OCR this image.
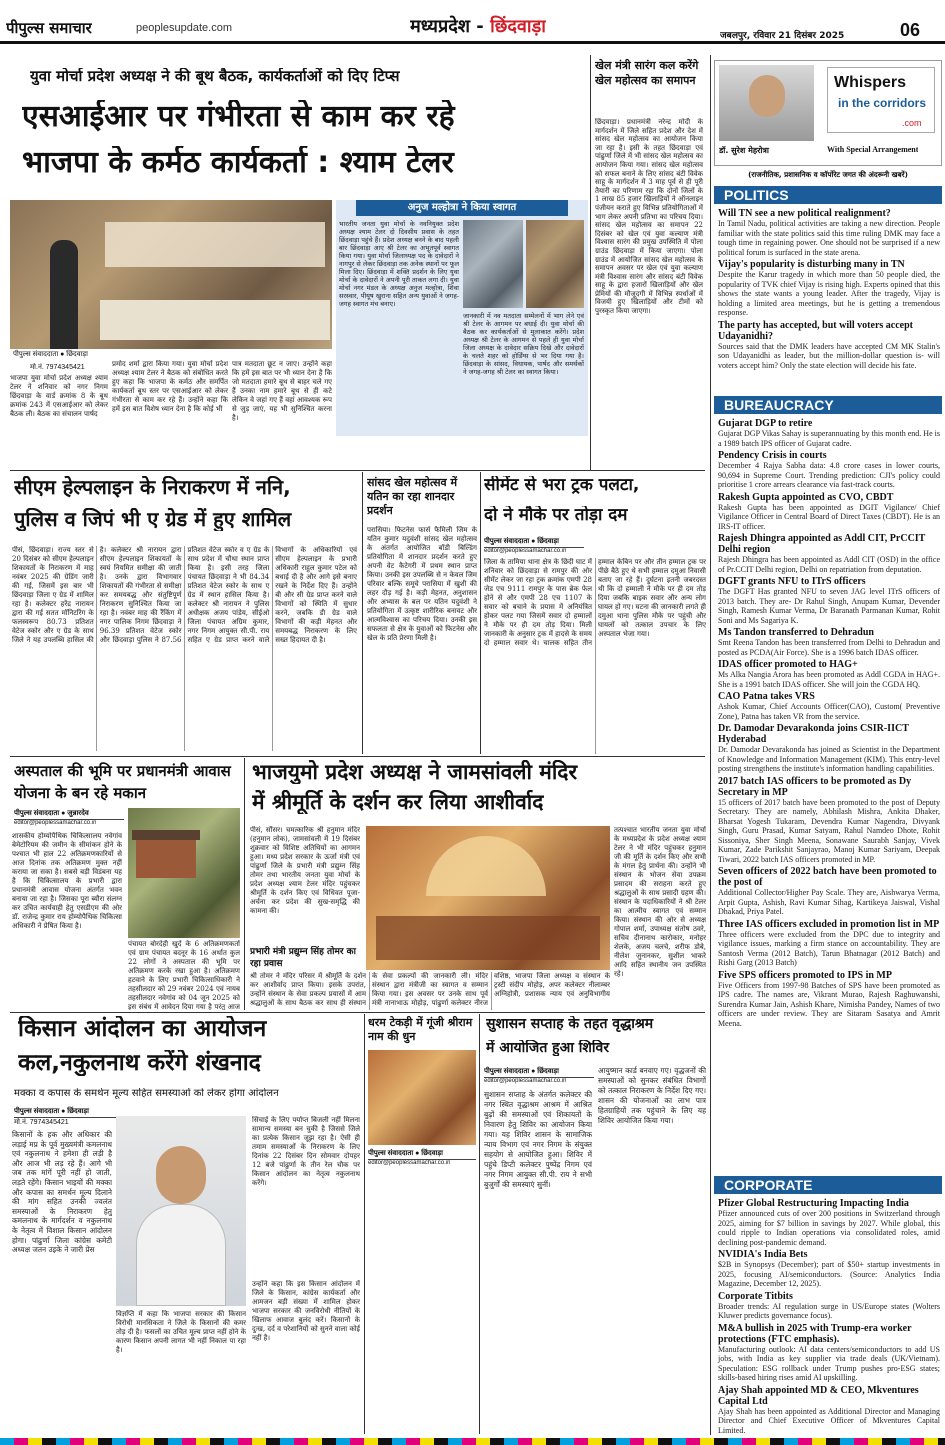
पीपुल्स समाचार	peoplesupdate.com	मध्यप्रदेश - छिंदवाड़ा	जबलपुर, रविवार 21 दिसंबर 2025	06
युवा मोर्चा प्रदेश अध्यक्ष ने की बूथ बैठक, कार्यकर्ताओं को दिए टिप्स
एसआईआर पर गंभीरता से काम कर रहे
भाजपा के कर्मठ कार्यकर्ता : श्याम टेलर
पीपुल्स संवाददाता ● छिंदवाड़ा
मो.नं. 7974345421
भाजपा युवा मोर्चा प्रदेश अध्यक्ष श्याम टेलर ने शनिवार को नगर निगम छिंदवाड़ा के वार्ड क्रमांक 8 के बूथ क्रमांक 243 में एसआईआर को लेकर बैठक ली। बैठक का संचालन पार्षद
प्रमोद शर्मा द्वारा किया गया। युवा मोर्चा प्रदेश अध्यक्ष श्याम टेलर ने बैठक को संबोधित करते हुए कहा कि भाजपा के कर्मठ और समर्पित कार्यकर्ता बूथ स्तर पर एसआईआर को लेकर गंभीरता से काम कर रहे हैं। उन्होंने कहा कि हमें इस बात विशेष ध्यान देना है कि कोई भी
पात्र मतदाता छूट न जाए। उन्होंने कहा कि हमें इस बात पर भी ध्यान देना है कि जो मतदाता हमारे बूथ से बाहर चले गए हैं उनका नाम हमारे बूथ से ही कटे लेकिन वे जहां गए हैं वहां आवश्यक रूप से जुड़ जाएं, यह भी सुनिश्चित करना है।
अनुज मल्होत्रा ने किया स्वागत
भारतीय जनता युवा मोर्चा के नवनियुक्त प्रदेश अध्यक्ष श्याम टेलर दो दिवसीय प्रवास के तहत छिंदवाड़ा पहुंचे हैं। प्रदेश अध्यक्ष बनने के बाद पहली बार छिंदवाड़ा आए श्री टेलर का अभूतपूर्व स्वागत किया गया। युवा मोर्चा जिलाध्यक्ष पद के दावेदारों ने नागपुर से लेकर छिंदवाड़ा तक अनेक स्थानों पर फूल मिला दिए। छिंदवाड़ा में शक्ति प्रदर्शन के लिए युवा मोर्चा के दावेदारों ने अपनी पूरी ताकत लगा दी। युवा मोर्चा नगर मंडल के अध्यक्ष अनुज मल्होत्रा, शिवा सरस्वार, पीयूष खुराना सहित अन्य युवाओं ने जगह-जगह स्वागत मंच बनाए।
जानकारी में नव मतदाता सम्मेलनों में भाग लेने एवं श्री टेलर के आगमन पर बधाई दी। युवा मोर्चा की बैठक कर कार्यकर्ताओं से मुलाकात करेंगे। प्रदेश अध्यक्ष श्री टेलर के आगमन से पहले ही युवा मोर्चा जिला अध्यक्ष के दावेदार सक्रिय दिखे और दावेदारों के चलते शहर को होर्डिंग्स से भर दिया गया है। छिंदवाड़ा के सांसद, विधायक, पार्षद और समर्थकों ने जगह-जगह श्री टेलर का स्वागत किया।
खेल मंत्री सारंग कल करेंगे खेल महोत्सव का समापन
छिंदवाड़ा। प्रधानमंत्री नरेन्द्र मोदी के मार्गदर्शन में जिले सहित प्रदेश और देश में सांसद खेल महोत्सव का आयोजन किया जा रहा है। इसी के तहत छिंदवाड़ा एवं पांढुर्णा जिले में भी सांसद खेल महोत्सव का आयोजन किया गया। सांसद खेल महोत्सव को सफल बनाने के लिए सांसद बंटी विवेक साहू के मार्गदर्शन में 3 माह पूर्व से ही पूरी तैयारी का परिणाम रहा कि दोनों जिलों के 1 लाख 85 हजार खिलाड़ियों ने ऑनलाइन पंजीयन कराते हुए विभिन्न प्रतियोगिताओं में भाग लेकर अपनी प्रतिभा का परिचय दिया। सांसद खेल महोत्सव का समापन 22 दिसंबर को खेल एवं युवा कल्याण मंत्री विश्वास सारंग की प्रमुख उपस्थिति में पोला ग्राउंड छिंदवाड़ा में किया जाएगा। पोला ग्राउंड में आयोजित सांसद खेल महोत्सव के समापन अवसर पर खेल एवं युवा कल्याण मंत्री विश्वास सारंग और सांसद बंटी विवेक साहू के द्वारा हजारों खिलाड़ियों और खेल प्रेमियों की मौजूदगी में विभिन्न स्पर्धाओं में विजयी हुए खिलाड़ियों और टीमों को पुरस्कृत किया जाएगा।
सीएम हेल्पलाइन के निराकरण में ननि,
पुलिस व जिपं भी ए ग्रेड में हुए शामिल
पीसं, छिंदवाड़ा। राज्य स्तर से 20 दिसंबर को सीएम हेल्पलाइन शिकायतों के निराकरण में माह नवंबर 2025 की ग्रेडिंग जारी की गई, जिसमें इस बार भी छिंदवाड़ा जिला ए ग्रेड में शामिल रहा है। कलेक्टर हरेंद्र नारायन द्वारा की गई सतत मॉनिटरिंग के फलस्वरूप 80.73 प्रतिशत वेटेज स्कोर और ए ग्रेड के साथ जिले ने यह उपलब्धि हासिल की है। कलेक्टर श्री नारायन द्वारा सीएम हेल्पलाइन शिकायतों के स्वयं नियमित समीक्षा की जाती है। उनके द्वारा विभागवार शिकायतों की गंभीरता से समीक्षा कर समयबद्ध और संतुष्टिपूर्ण निराकरण सुनिश्चित किया जा रहा है। नवंबर माह की रैंकिंग में नगर पालिक निगम छिंदवाड़ा ने 96.39 प्रतिशत वेटेज स्कोर और छिंदवाड़ा पुलिस ने 87.56 प्रतिशत वेटेज स्कोर व ए ग्रेड के साथ प्रदेश में चौथा स्थान प्राप्त किया है। इसी तरह जिला पंचायत छिंदवाड़ा ने भी 84.34 प्रतिशत वेटेज स्कोर के साथ ए ग्रेड में स्थान हासिल किया है। कलेक्टर श्री नारायन ने पुलिस अधीक्षक अजय पांडेय, सीईओ जिला पंचायत अग्रिम कुमार, नगर निगम आयुक्त सी.पी. राय सहित ए ग्रेड प्राप्त करने वाले विभागों के अधिकारियों एवं सीएम हेल्पलाइन के प्रभारी अधिकारी राहुल कुमार पटेल को बधाई दी है और आगे इसे बनाए रखने के निर्देश दिए हैं। उन्होंने बी और सी ग्रेड प्राप्त करने वाले विभागों को स्थिति में सुधार करने, जबकि डी ग्रेड वाले विभागों की कड़ी मेहनत और समयबद्ध निराकरण के लिए सख्त हिदायत दी है।
सांसद खेल महोत्सव में यतिन का रहा शानदार प्रदर्शन
परासिया। फिटनेस फार्स फैमिली जिम के यतिन कुमार यदुवंशी सांसद खेल महोत्सव के अंतर्गत आयोजित बॉडी बिल्डिंग प्रतियोगिता में शानदार प्रदर्शन करते हुए अपनी वेट कैटेगरी में प्रथम स्थान प्राप्त किया। उनकी इस उपलब्धि से न केवल जिम परिवार बल्कि समूचे परासिया में खुशी की लहर दौड़ गई है। कड़ी मेहनत, अनुशासन और अभ्यास के बल पर यतिन यदुवंशी ने प्रतियोगिता में उत्कृष्ट शारीरिक बनावट और आत्मविश्वास का परिचय दिया। उनकी इस सफलता से क्षेत्र के युवाओं को फिटनेस और खेल के प्रति प्रेरणा मिली है।
सीमेंट से भरा ट्रक पलटा,
दो ने मौके पर तोड़ा दम
पीपुल्स संवाददाता ● छिंदवाड़ा
editor@peoplessamachar.co.in
जिला के तामिया थाना क्षेत्र के छिंदी घाट में शनिवार को छिंदवाड़ा से रामपुर की ओर सीमेंट लेकर जा रहा ट्रक क्रमांक एमपी 28 जेड एच 9111 रामपुर के पास ब्रेक फेल होने से और एमपी 28 एच 1107 के सवार को बचाने के प्रयास में अनियंत्रित होकर पलट गया जिसमें सवार दो हम्मालों ने मौके पर ही दम तोड़ दिया। मिली जानकारी के अनुसार ट्रक में हादसे के समय दो हम्माल सवार थे। चालक सहित तीन हम्माल केबिन पर और तीन हम्माल ट्रक पर पीछे बैठे हुए थे सभी हम्माल दमुआ निवासी बताए जा रहे हैं। दुर्घटना इतनी जबरदस्त थी कि दो हम्माली ने मौके पर ही दम तोड़ दिया जबकि बाइक सवार और अन्य लोग घायल हो गए। घटना की जानकारी लगते ही दमुआ थाना पुलिस मौके पर पहुंची और घायलों को तत्काल उपचार के लिए अस्पताल भेजा गया।
अस्पताल की भूमि पर प्रधानमंत्री आवास योजना के बन रहे मकान
पीपुल्स संवाददाता ● जुन्नारदेव
editor@peoplessamachar.co.in
शासकीय होम्योपैथिक चिकित्सालय नवेगांव बेमेटोरियम की जमीन के सीमांकन होने के पश्चात भी हाल 22 अतिक्रमणकारियों से आज दिनांक तक अतिक्रमण मुक्त नहीं कराया जा सका है। सबसे बड़ी विडंबना यह है कि चिकित्सालय के प्रभारी द्वारा प्रधानमंत्री आवास योजना अंतर्गत भवन बनाया जा रहा है। जिसका पूरा ब्यौरा संलग्न कर उचित कार्यवाही हेतु एसडीएम की ओर डॉ. राजेन्द्र कुमार राय होम्योपैथिक चिकित्सा अधिकारी ने प्रेषित किया है।
पंचायत बोरदेही खुर्द के 6 अतिक्रमणकर्ता एवं ग्राम पंचायत बदनूर के 16 अर्थात कुल 22 लोगों ने अस्पताल की भूमि पर अतिक्रमण करके रखा हुआ है। अतिक्रमण हटवाने के लिए प्रभारी चिकित्साधिकारी ने तहसीलदार को 29 नवंबर 2024 एवं नायब तहसीलदार नवेगांव को 04 जून 2025 को इस संबंध में आवेदन दिया गया है परंतु आज
भाजयुमो प्रदेश अध्यक्ष ने जामसांवली मंदिर
में श्रीमूर्ति के दर्शन कर लिया आशीर्वाद
पीसं, सौंसर। चमत्कारिक श्री हनुमान मंदिर (हनुमान लोक), जामसांवली में 19 दिसंबर शुक्रवार को विशिष्ट अतिथियों का आगमन हुआ। मध्य प्रदेश सरकार के ऊर्जा मंत्री एवं पांढुर्णा जिले के प्रभारी मंत्री प्रद्युम्न सिंह तोमर तथा भारतीय जनता युवा मोर्चा के प्रदेश अध्यक्ष श्याम टेलर मंदिर पहुंचकर श्रीमूर्ति के दर्शन किए एवं विधिवत पूजा-अर्चना कर प्रदेश की सुख-समृद्धि की कामना की।
प्रभारी मंत्री प्रद्युम्न सिंह तोमर का रहा प्रवास
श्री तोमर ने मंदिर परिसर में श्रीमूर्ति के दर्शन कर आशीर्वाद प्राप्त किया। इसके उपरांत, उन्होंने संस्थान के सेवा प्रकल्प प्रयासों में आम श्रद्धालुओं के साथ बैठक कर साथ ही संस्थान के सेवा प्रकल्पों की जानकारी ली। मंदिर संस्थान द्वारा मंत्रीजी का स्वागत व सम्मान किया गया। इस अवसर पर उनके साथ पूर्व मंत्री नानाभाऊ मोहोड़, पांढुर्णा कलेक्टर नीरज वशिष्ठ, भाजपा जिला अध्यक्ष व संस्थान के ट्रस्टी संदीप मोहोड़, अपर कलेक्टर नीलाम्बर अग्निहोत्री, प्रशासक न्याय एवं अनुविभागीय
तत्पश्चात भारतीय जनता युवा मोर्चा के मध्यप्रदेश के प्रदेश अध्यक्ष श्याम टेलर ने भी मंदिर पहुंचकर हनुमान जी की मूर्ति के दर्शन किए और सभी के मंगल हेतु प्रार्थना की। उन्होंने भी संस्थान के भोजन सेवा उपक्रम प्रसादम की सराहना करते हुए श्रद्धालुओं के साथ प्रसादी ग्रहण की। संस्थान के पदाधिकारियों ने श्री टेलर का आत्मीय स्वागत एवं सम्मान किया। संस्थान की ओर से अध्यक्ष गोपाल शर्मा, उपाध्यक्ष संतोष ठवरे, सचिव दीनानाथ कारोकार, मनोहर शेलके, अजय चलचे, शरीफ डोबे, नीलेश जुनानकर, सुशील भाकरे आदि सहित स्थानीय जन उपस्थित रहे।
किसान आंदोलन का आयोजन
कल,नकुलनाथ करेंगे शंखनाद
मक्का व कपास के समर्थन मूल्य सहित समस्याओं को लेकर होगा आंदोलन
पीपुल्स संवाददाता ● छिंदवाड़ा
मो.नं. 7974345421
किसानों के हक और अधिकार की लड़ाई मप्र के पूर्व मुख्यमंत्री कमलनाथ एवं नकुलनाथ ने हमेशा ही लड़ी है और आज भी लड़ रहे हैं। आगे भी जब तक मांगें पूरी नहीं हो जाती, लड़ते रहेंगे। किसान भाइयों की मक्का और कपास का समर्थन मूल्य दिलाने की मांग सहित उनकी ज्वलंत समस्याओं के निराकरण हेतु कमलनाथ के मार्गदर्शन व नकुलनाथ के नेतृत्व में विशाल किसान आंदोलन होगा। पांढुर्णा जिला कांग्रेस कमेटी अध्यक्ष जतन उइके ने जारी प्रेस
विज्ञप्ति में कहा कि भाजपा सरकार की किसान विरोधी मानसिकता ने जिले के किसानों की कमर तोड़ दी है। फसलों का उचित मूल्य प्राप्त नहीं होने के कारण किसान अपनी लागत भी नहीं निकाल पा रहा है।
सिंचाई के लिए पर्याप्त बिजली नहीं मिलना सामान्य समस्या बन चुकी है जिससे जिले का प्रत्येक किसान जूझ रहा है। ऐसी ही तमाम समस्याओं के निराकरण के लिए दिनांक 22 दिसंबर दिन सोमवार दोपहर 12 बजे पांढुर्णा के तीन रेल चौक पर किसान आंदोलन का नेतृत्व नकुलनाथ करेंगे।
उन्होंने कहा कि इस किसान आंदोलन में जिले के किसान, कांग्रेस कार्यकर्ता और आमजन बड़ी संख्या में शामिल होकर भाजपा सरकार की जनविरोधी नीतियों के खिलाफ आवाज बुलंद करें। किसानों के दुःख, दर्द व परेशानियों को सुनने वाला कोई नहीं है।
धरम टेकड़ी में गूंजी श्रीराम नाम की धुन
पीपुल्स संवाददाता ● छिंदवाड़ा
editor@peoplessamachar.co.in
सुशासन सप्ताह के तहत वृद्धाश्रम
में आयोजित हुआ शिविर
पीपुल्स संवाददाता ● छिंदवाड़ा
editor@peoplessamachar.co.in
सुशासन सप्ताह के अंतर्गत कलेक्टर की नगर स्थित वृद्धाश्रम आश्रम में आश्रित बुढ़ों की समस्याओं एवं शिकायतों के निवारण हेतु शिविर का आयोजन किया गया। यह शिविर शासन के सामाजिक न्याय विभाग एवं नगर निगम के संयुक्त सहयोग से आयोजित हुआ। शिविर में पहुंचे डिप्टी कलेक्टर पुष्पेंद्र निगम एवं नगर निगम आयुक्त सी.पी. राय ने सभी बुजुर्गों की समस्याएं सुनीं।
आयुष्मान कार्ड बनवाए गए। वृद्धजनों की समस्याओं को सुनकर संबंधित विभागों को तत्काल निराकरण के निर्देश दिए गए। शासन की योजनाओं का लाभ पात्र हितग्राहियों तक पहुंचाने के लिए यह शिविर आयोजित किया गया।
डॉ. सुरेश मेहरोत्रा
Whispers
in the corridors
.com
With Special Arrangement
(राजनीतिक, प्रशासनिक व कॉर्पोरेट जगत की अंदरूनी खबरें)
POLITICS
Will TN see a new political realignment?
In Tamil Nadu, political activities are taking a new direction. People familiar with the state politics said this time ruling DMK may face a tough time in regaining power. One should not be surprised if a new political forum is surfaced in the state arena.
Vijay's popularity is disturbing many in TN
Despite the Karur tragedy in which more than 50 people died, the popularity of TVK chief Vijay is rising high. Experts opined that this shows the state wants a young leader. After the tragedy, Vijay is holding a limited area meetings, but he is getting a tremendous response.
The party has accepted, but will voters accept Udayanidhi?
Sources said that the DMK leaders have accepted CM MK Stalin's son Udayanidhi as leader, but the million-dollar question is- will voters accept him? Only the state election will decide his fate.
BUREAUCRACY
Gujarat DGP to retire
Gujarat DGP Vikas Sahay is superannuating by this month end. He is a 1989 batch IPS officer of Gujarat cadre.
Pendency Crisis in courts
December 4 Rajya Sabha data: 4.8 crore cases in lower courts, 90,694 in Supreme Court. Trending prediction: CJI's policy could prioritise 1 crore arrears clearance via fast-track courts.
Rakesh Gupta appointed as CVO, CBDT
Rakesh Gupta has been appointed as DGIT Vigilance/ Chief Vigilance Officer in Central Board of Direct Taxes (CBDT). He is an IRS-IT officer.
Rajesh Dhingra appointed as Addl CIT, PrCCIT Delhi region
Rajesh Dhingra has been appointed as Addl CIT (OSD) in the office of Pr.CCIT Delhi region, Delhi on repatriation from deputation.
DGFT grants NFU to ITrS officers
The DGFT Has granted NFU to seven JAG level ITrS officers of 2013 batch. They are- Dr Rahul Singh, Anupam Kumar, Devender Singh, Ramesh Kumar Verma, Dr Baranath Parmanan Kumar, Rohit Soni and Ms Sagariya K.
Ms Tandon transferred to Dehradun
Smt Reena Tandon has been transferred from Delhi to Dehradun and posted as PCDA(Air Force). She is a 1996 batch IDAS officer.
IDAS officer promoted to HAG+
Ms Alka Nangia Arora has been promoted as Addl CGDA in HAG+. She is a 1991 batch IDAS officer. She will join the CGDA HQ.
CAO Patna takes VRS
Ashok Kumar, Chief Accounts Officer(CAO), Custom( Preventive Zone), Patna has taken VR from the service.
Dr. Damodar Devarakonda joins CSIR-IICT Hyderabad
Dr. Damodar Devarakonda has joined as Scientist in the Department of Knowledge and Information Management (KIM). This entry-level posting strengthens the institute's information handling capabilities.
2017 batch IAS officers to be promoted as Dy Secretary in MP
15 officers of 2017 batch have been promoted to the post of Deputy Secretary. They are namely, Abhilash Mishra, Ankita Dhaker, Bharsat Yogesh Tukaram, Devendra Kumar Nagendra, Divyank Singh, Guru Prasad, Kumar Satyam, Rahul Namdeo Dhote, Rohit Sissoniya, Sher Singh Meena, Sonawane Saurabh Sanjay, Vivek Kumar, Zade Parikshit Sanjayrao, Manoj Kumar Sariyam, Deepak Tiwari, 2022 batch IAS officers promoted in MP.
Seven officers of 2022 batch have been promoted to the post of
Additional Collector/Higher Pay Scale. They are, Aishwarya Verma, Arpit Gupta, Ashish, Ravi Kumar Sihag, Kartikeya Jaiswal, Vishal Dhakad, Priya Patel.
Three IAS officers excluded in promotion list in MP
Three officers were excluded from the DPC due to integrity and vigilance issues, marking a firm stance on accountability. They are Santosh Verma (2012 Batch), Tarun Bhatnagar (2012 Batch) and Rishi Garg (2013 Batch)
Five SPS officers promoted to IPS in MP
Five Officers from 1997-98 Batches of SPS have been promoted as IPS cadre. The names are, Vikrant Murao, Rajesh Raghuwanshi, Surendra Kumar Jain, Ashish Khare, Nimisha Pandey, Names of two officers are under review. They are Sitaram Sasatya and Amrit Meena.
CORPORATE
Pfizer Global Restructuring Impacting India
Pfizer announced cuts of over 200 positions in Switzerland through 2025, aiming for $7 billion in savings by 2027. While global, this could ripple to Indian operations via consolidated roles, amid declining post-pandemic demand.
NVIDIA's India Bets
$2B in Synopsys (December); part of $50+ startup investments in 2025, focusing AI/semiconductors. (Source: Analytics India Magazine, December 12, 2025).
Corporate Titbits
Broader trends: AI regulation surge in US/Europe states (Wolters Kluwer predicts governance focus).
M&A bullish in 2025 with Trump-era worker protections (FTC emphasis).
Manufacturing outlook: AI data centers/semiconductors to add US jobs, with India as key supplier via trade deals (UK/Vietnam). Speculation: ESG rollback under Trump pushes pro-ESG states; skills-based hiring rises amid AI upskilling.
Ajay Shah appointed MD & CEO, Mkventures Capital Ltd
Ajay Shah has been appointed as Additional Director and Managing Director and Chief Executive Officer of Mkventures Capital Limited.
